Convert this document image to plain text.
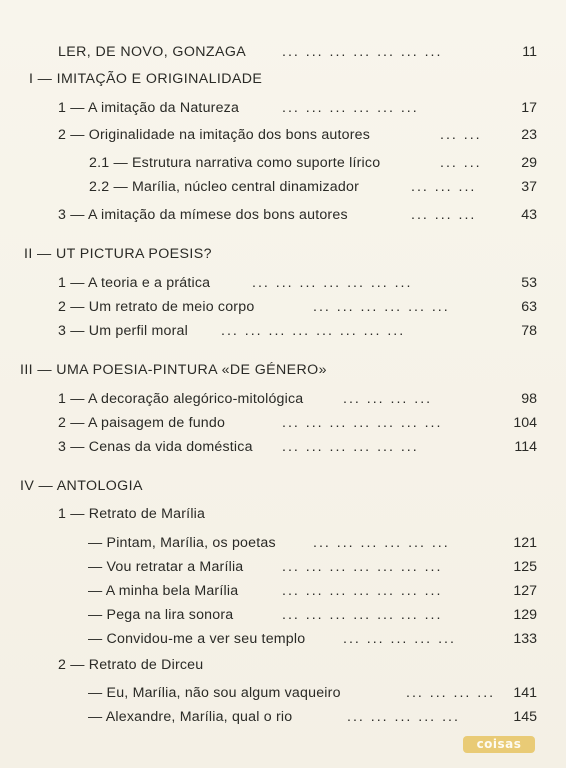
LER, DE NOVO, GONZAGA	... ... ... ... ... ... ...	11
I — IMITAÇÃO E ORIGINALIDADE
1 — A imitação da Natureza	... ... ... ... ... ...	17
2 — Originalidade na imitação dos bons autores	... ...	23
2.1 — Estrutura narrativa como suporte lírico	... ...	29
2.2 — Marília, núcleo central dinamizador	... ... ...	37
3 — A imitação da mímese dos bons autores	... ... ...	43
II — UT PICTURA POESIS?
1 — A teoria e a prática	... ... ... ... ... ... ...	53
2 — Um retrato de meio corpo	... ... ... ... ... ...	63
3 — Um perfil moral ... ... ... ... ... ... ... ...	78
III — UMA POESIA-PINTURA «DE GÉNERO»
1 — A decoração alegórico-mitológica	... ... ... ...	98
2 — A paisagem de fundo	... ... ... ... ... ... ...	104
3 — Cenas da vida doméstica ... ... ... ... ... ...	114
IV — ANTOLOGIA
1 — Retrato de Marília
— Pintam, Marília, os poetas	... ... ... ... ... ...	121
— Vou retratar a Marília	... ... ... ... ... ... ...	125
— A minha bela Marília	... ... ... ... ... ... ...	127
— Pega na lira sonora	... ... ... ... ... ... ...	129
— Convidou-me a ver seu templo	... ... ... ... ...	133
2 — Retrato de Dirceu
— Eu, Marília, não sou algum vaqueiro	... ... ... ...	141
— Alexandre, Marília, qual o rio	... ... ... ... ...	145
coisas
